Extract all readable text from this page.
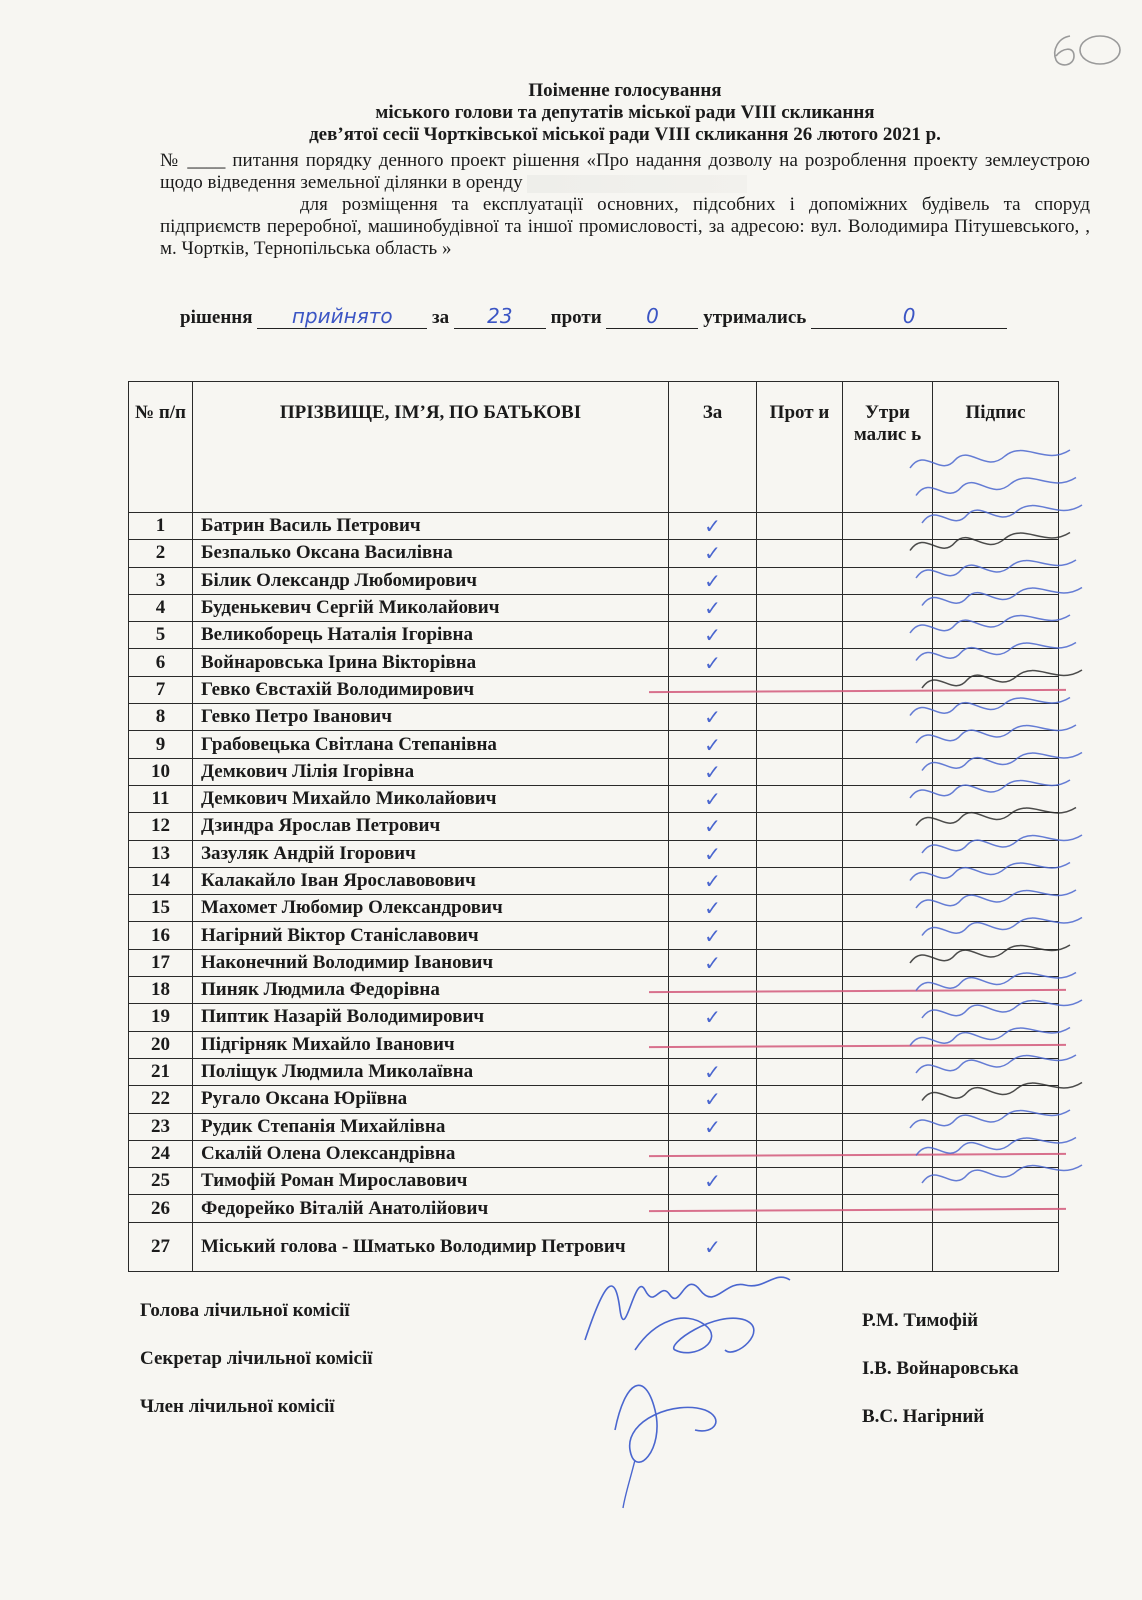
Поіменне голосування
міського голови та депутатів міської ради VIII скликання
дев’ятої сесії Чортківської міської ради VIII скликання 26 лютого 2021 р.
№ ____ питання порядку денного проект рішення «Про надання дозволу на розроблення проекту землеустрою щодо відведення земельної ділянки в оренду
для розміщення та експлуатації основних, підсобних і допоміжних будівель та споруд підприємств переробної, машинобудівної та іншої промисловості, за адресою: вул. Володимира Пітушевського, , м. Чортків, Тернопільська область »
рішення прийнято за 23 проти 0 утримались	0
№ п/п	ПРІЗВИЩЕ, ІМ’Я, ПО БАТЬКОВІ	За	Прот и	Утри малис ь	Підпис
1	Батрин Василь Петрович	✓			
2	Безпалько Оксана Василівна	✓			
3	Білик Олександр Любомирович	✓			
4	Буденькевич Сергій Миколайович	✓			
5	Великоборець Наталія Ігорівна	✓			
6	Войнаровська Ірина Вікторівна	✓			
7	Гевко Євстахій Володимирович	

8	Гевко Петро Іванович	✓			
9	Грабовецька Світлана Степанівна	✓			
10	Демкович Лілія Ігорівна	✓			
11	Демкович Михайло Миколайович	✓			
12	Дзиндра Ярослав Петрович	✓			
13	Зазуляк Андрій Ігорович	✓			
14	Калакайло Іван Ярославовович	✓			
15	Махомет Любомир Олександрович	✓			
16	Нагірний Віктор Станіславович	✓			
17	Наконечний Володимир Іванович	✓			
18	Пиняк Людмила Федорівна	

19	Пиптик Назарій Володимирович	✓			
20	Підгірняк Михайло Іванович	

21	Поліщук Людмила Миколаївна	✓			
22	Ругало Оксана Юріївна	✓			
23	Рудик Степанія Михайлівна	✓			
24	Скалій Олена Олександрівна	

25	Тимофій Роман Мирославович	✓			
26	Федорейко Віталій Анатолійович	

27	Міський голова - Шматько Володимир Петрович	✓			
Голова лічильної комісії	Р.М. Тимофій
Секретар лічильної комісії	І.В. Войнаровська
Член лічильної комісії	В.С. Нагірний
